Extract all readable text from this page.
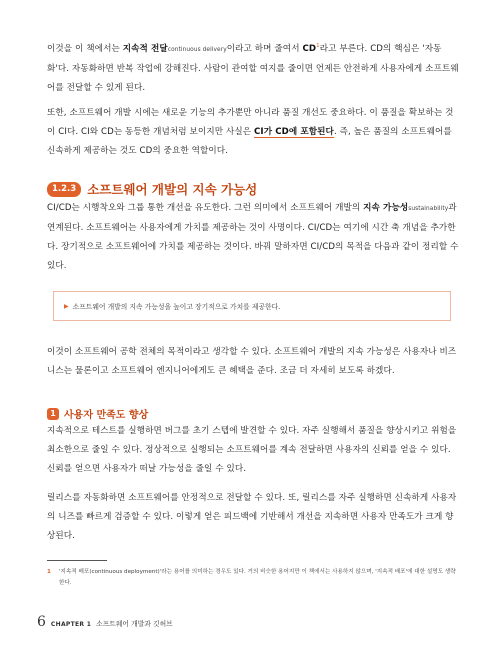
이것을 이 책에서는 지속적 전달continuous delivery이라고 하며 줄여서 $CD^1$라고 부른다. CD의 핵심은 '자동화'다. 자동화하면 반복 작업에 강해진다. 사람이 관여할 여지를 줄이면 언제든 안전하게 사용자에게 소프트웨어를 전달할 수 있게 된다.

또한, 소프트웨어 개발 시에는 새로운 기능의 추가뿐만 아니라 품질 개선도 중요하다. 이 품질을 확보하는 것이 CI다. CI와 CD는 동등한 개념처럼 보이지만 사실은 CI가 CD에 포함된다. 즉, 높은 품질의 소프트웨어를 신속하게 제공하는 것도 CD의 중요한 역할이다.

1.2.3 소프트웨어 개발의 지속 가능성

CI/CD는 시행착오와 그룹 통한 개선을 유도한다. 그런 의미에서 소프트웨어 개발의 지속 가능성sustainability과 연계된다. 소프트웨어는 사용자에게 가치를 제공하는 것이 사명이다. CI/CD는 여기에 시간 축 개념을 추가한다. 장기적으로 소프트웨어에 가치를 제공하는 것이다. 바꿔 말하자면 CI/CD의 목적을 다음과 같이 정리할 수 있다.

▶ 소프트웨어 개발의 지속 가능성을 높이고 장기적으로 가치를 제공한다.

이것이 소프트웨어 공학 전체의 목적이라고 생각할 수 있다. 소프트웨어 개발의 지속 가능성은 사용자나 비즈니스는 물론이고 소프트웨어 엔지니어에게도 큰 혜택을 준다. 조금 더 자세히 보도록 하겠다.

1 사용자 만족도 향상

지속적으로 테스트를 실행하면 버그를 초기 스텝에 발견할 수 있다. 자주 실행해서 품질을 향상시키고 위험을 최소한으로 줄일 수 있다. 정상적으로 실행되는 소프트웨어를 계속 전달하면 사용자의 신뢰를 얻을 수 있다. 신뢰를 얻으면 사용자가 떠날 가능성을 줄일 수 있다.

릴리스를 자동화하면 소프트웨어를 안정적으로 전달할 수 있다. 또, 릴리스를 자주 실행하면 신속하게 사용자의 니즈를 빠르게 검증할 수 있다. 이렇게 얻은 피드백에 기반해서 개선을 지속하면 사용자 만족도가 크게 향상된다.

1	'지속적 배포(continuous deployment)'라는 용어를 의미하는 경우도 있다. 거의 비슷한 용어지만 이 책에서는 사용하지 않으며, '지속적 배포'에 대한 설명도 생략한다.
6 CHAPTER 1 소프트웨어 개발과 깃허브
